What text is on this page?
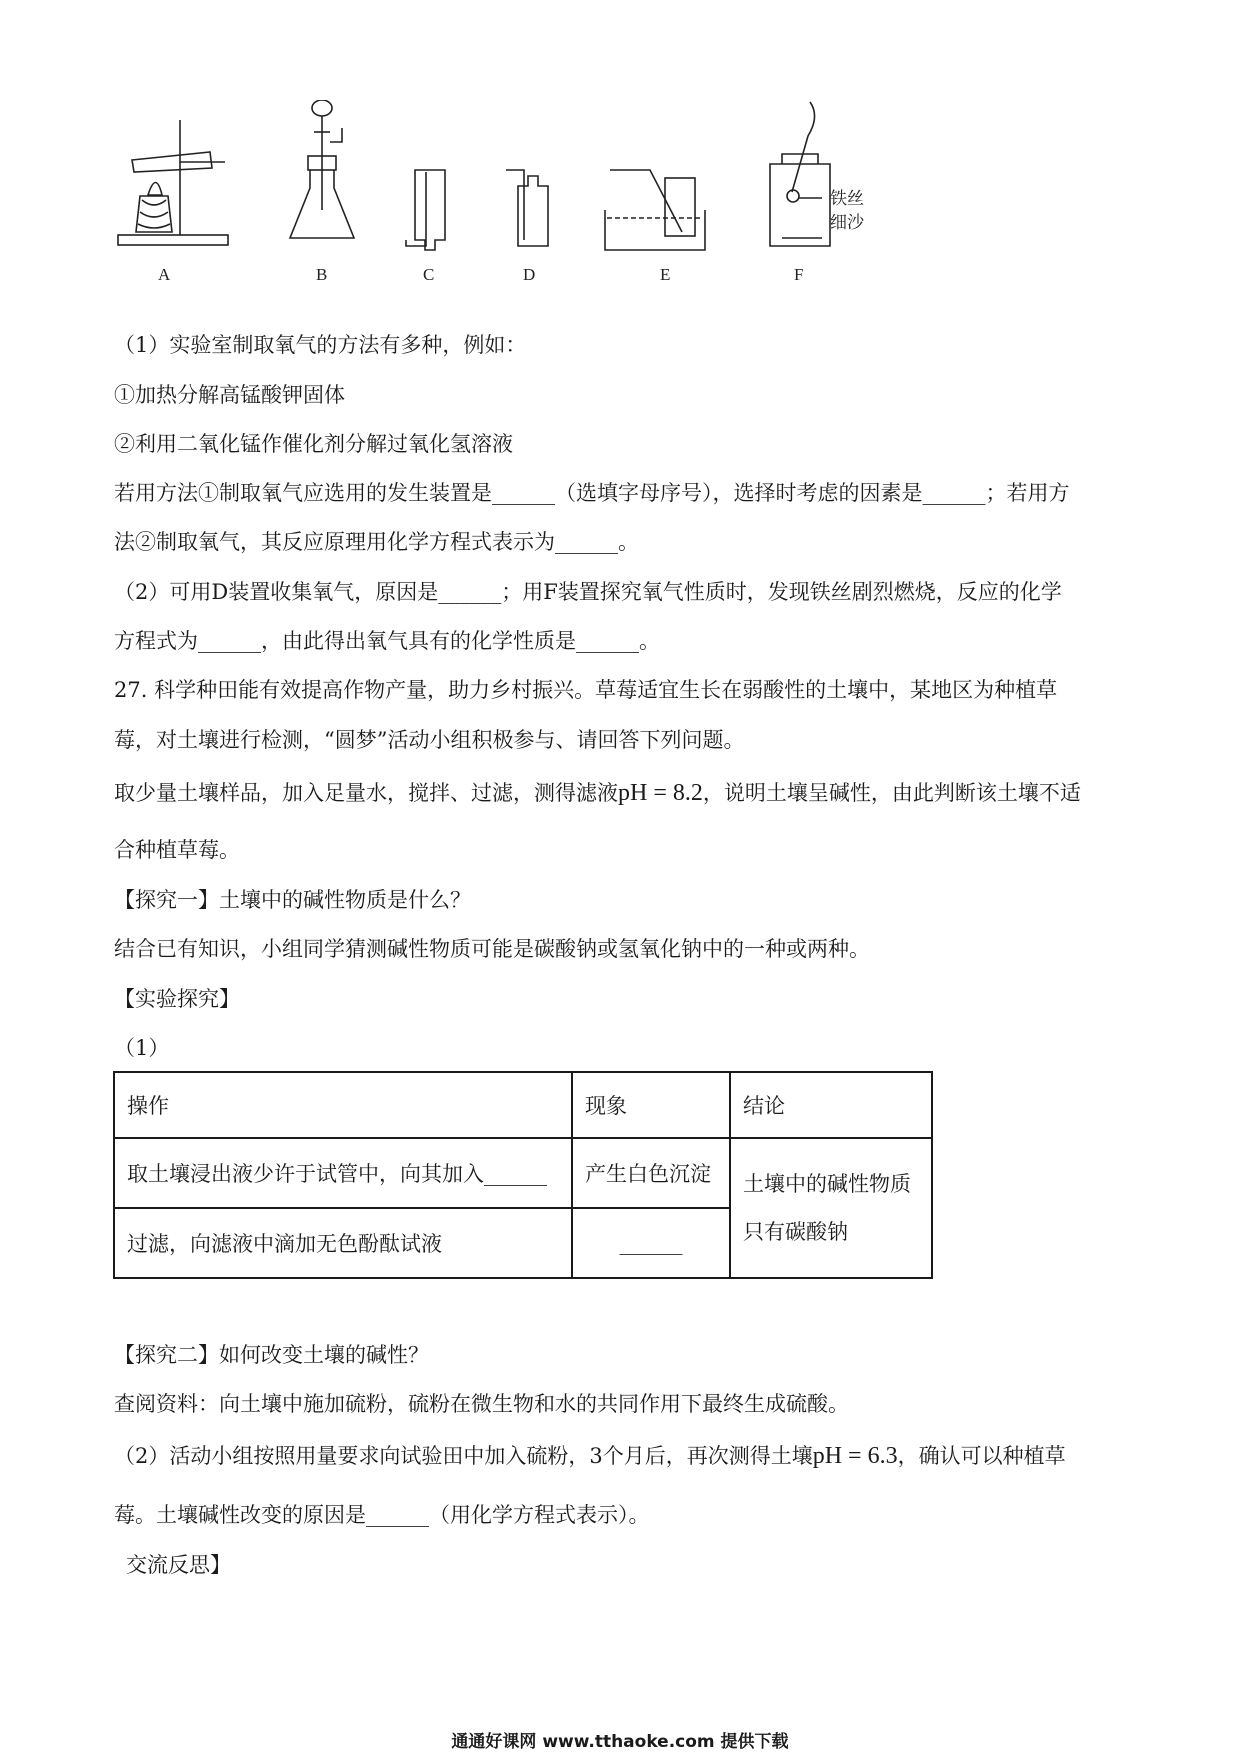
铁丝
细沙
A	B	C	D	E	F
（1）实验室制取氧气的方法有多种，例如：
①加热分解高锰酸钾固体
②利用二氧化锰作催化剂分解过氧化氢溶液
若用方法①制取氧气应选用的发生装置是______（选填字母序号），选择时考虑的因素是______；若用方
法②制取氧气，其反应原理用化学方程式表示为______。
（2）可用D装置收集氧气，原因是______；用F装置探究氧气性质时，发现铁丝剧烈燃烧，反应的化学
方程式为______，由此得出氧气具有的化学性质是______。
27. 科学种田能有效提高作物产量，助力乡村振兴。草莓适宜生长在弱酸性的土壤中，某地区为种植草
莓，对土壤进行检测，“圆梦”活动小组积极参与、请回答下列问题。
取少量土壤样品，加入足量水，搅拌、过滤，测得滤液pH = 8.2，说明土壤呈碱性，由此判断该土壤不适
合种植草莓。
【探究一】土壤中的碱性物质是什么？
结合已有知识，小组同学猜测碱性物质可能是碳酸钠或氢氧化钠中的一种或两种。
【实验探究】
（1）
操作	现象	结论
取土壤浸出液少许于试管中，向其加入______	产生白色沉淀	土壤中的碱性物质
只有碳酸钠

过滤，向滤液中滴加无色酚酞试液	______	
【探究二】如何改变土壤的碱性？
查阅资料：向土壤中施加硫粉，硫粉在微生物和水的共同作用下最终生成硫酸。
（2）活动小组按照用量要求向试验田中加入硫粉，3个月后，再次测得土壤pH = 6.3，确认可以种植草
莓。土壤碱性改变的原因是______（用化学方程式表示）。
交流反思】
通通好课网 www.tthaoke.com 提供下载
